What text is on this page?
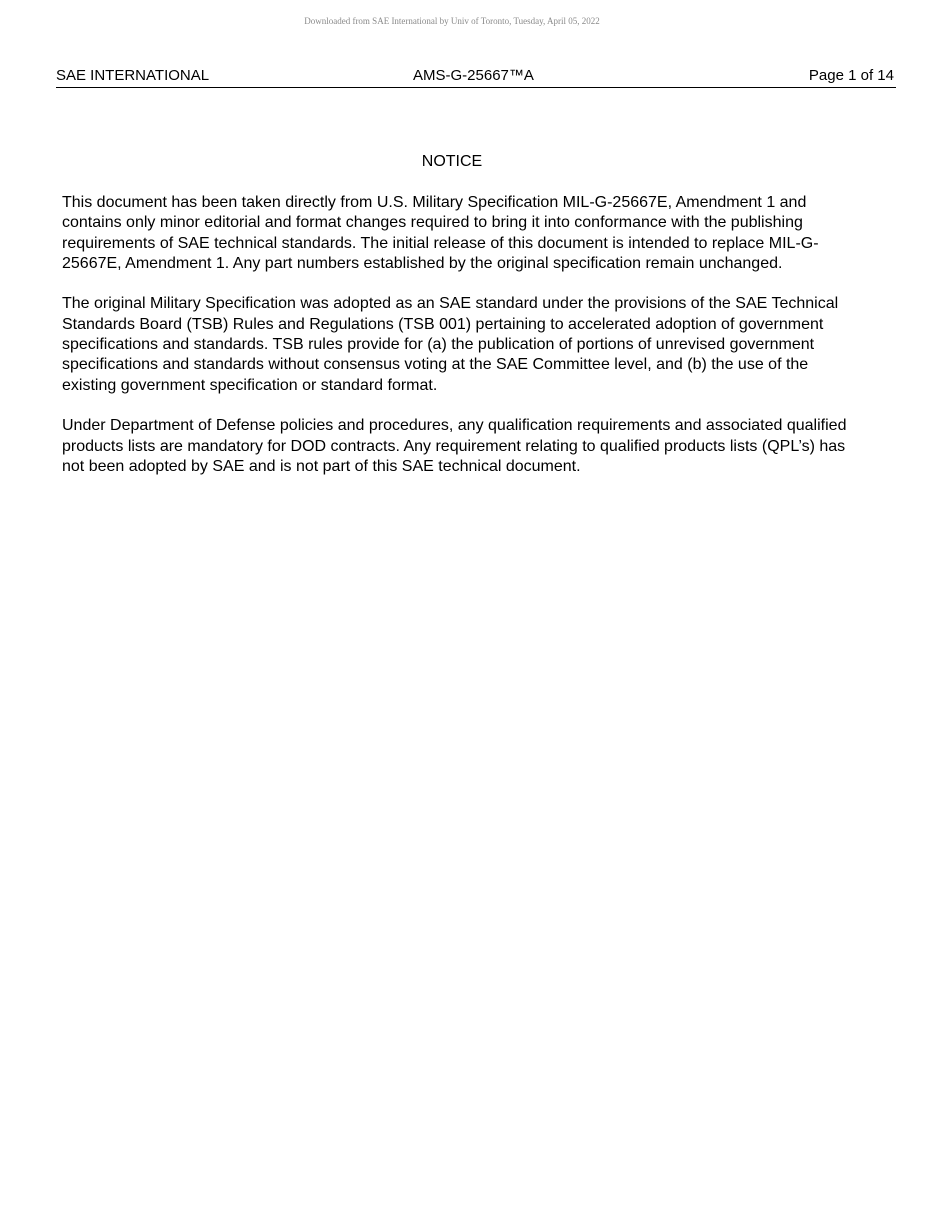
Downloaded from SAE International by Univ of Toronto, Tuesday, April 05, 2022
SAE INTERNATIONAL	AMS-G-25667™A	Page 1 of 14
NOTICE

This document has been taken directly from U.S. Military Specification MIL-G-25667E, Amendment 1 and contains only minor editorial and format changes required to bring it into conformance with the publishing requirements of SAE technical standards. The initial release of this document is intended to replace MIL-G-25667E, Amendment 1. Any part numbers established by the original specification remain unchanged.

The original Military Specification was adopted as an SAE standard under the provisions of the SAE Technical Standards Board (TSB) Rules and Regulations (TSB 001) pertaining to accelerated adoption of government specifications and standards. TSB rules provide for (a) the publication of portions of unrevised government specifications and standards without consensus voting at the SAE Committee level, and (b) the use of the existing government specification or standard format.

Under Department of Defense policies and procedures, any qualification requirements and associated qualified products lists are mandatory for DOD contracts. Any requirement relating to qualified products lists (QPL’s) has not been adopted by SAE and is not part of this SAE technical document.
